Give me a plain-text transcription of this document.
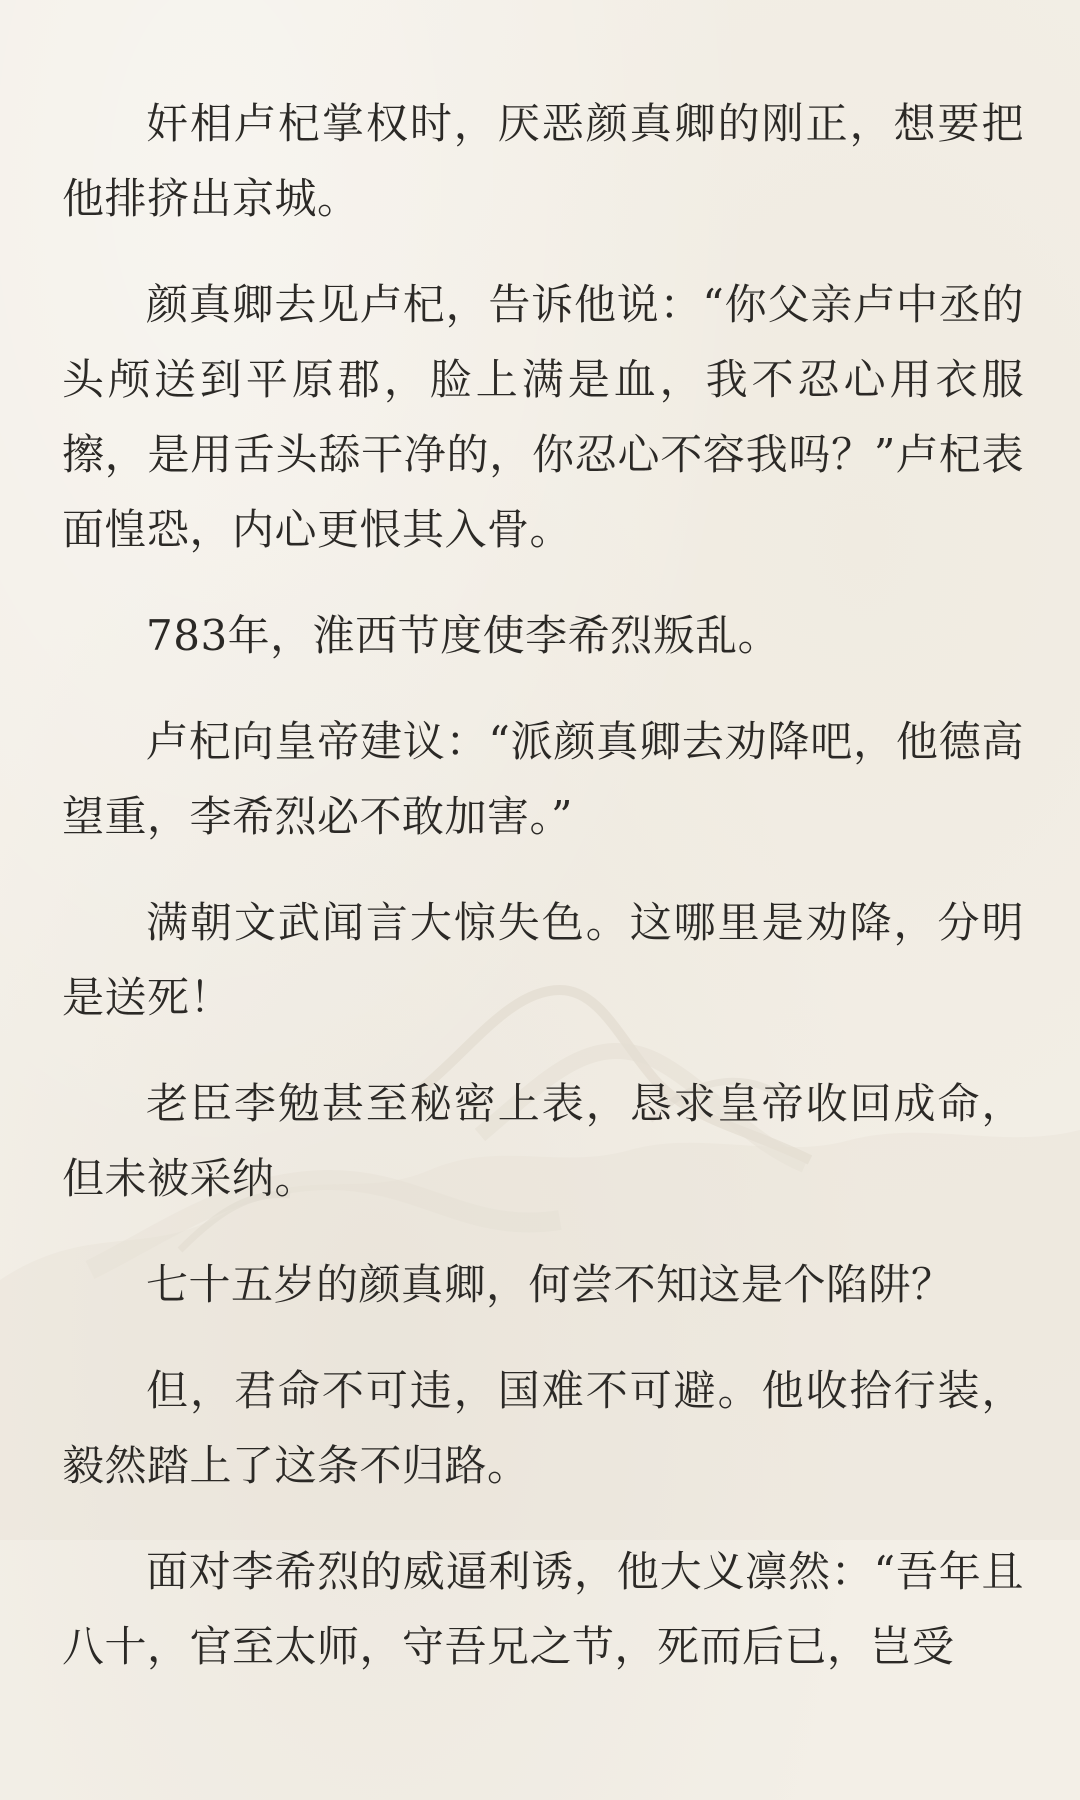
奸相卢杞掌权时，厌恶颜真卿的刚正，想要把他排挤出京城。

颜真卿去见卢杞，告诉他说：“你父亲卢中丞的头颅送到平原郡，脸上满是血，我不忍心用衣服擦，是用舌头舔干净的，你忍心不容我吗？”卢杞表面惶恐，内心更恨其入骨。

783年，淮西节度使李希烈叛乱。

卢杞向皇帝建议：“派颜真卿去劝降吧，他德高望重，李希烈必不敢加害。”

满朝文武闻言大惊失色。这哪里是劝降，分明是送死！

老臣李勉甚至秘密上表，恳求皇帝收回成命，但未被采纳。

七十五岁的颜真卿，何尝不知这是个陷阱？

但，君命不可违，国难不可避。他收拾行装，毅然踏上了这条不归路。

面对李希烈的威逼利诱，他大义凛然：“吾年且八十，官至太师，守吾兄之节，死而后已，岂受
